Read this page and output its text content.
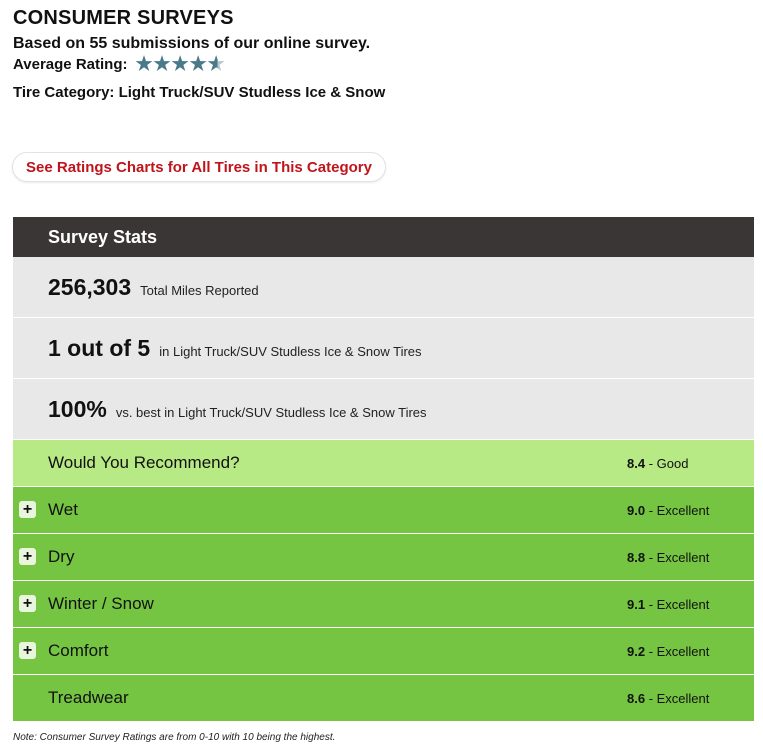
CONSUMER SURVEYS
Based on 55 submissions of our online survey.
Average Rating: ★ ★ ★ ★ ★
Tire Category: Light Truck/SUV Studless Ice & Snow
See Ratings Charts for All Tires in This Category
Survey Stats
256,303 Total Miles Reported
1 out of 5 in Light Truck/SUV Studless Ice & Snow Tires
100% vs. best in Light Truck/SUV Studless Ice & Snow Tires
Would You Recommend?	8.4 - Good
+ Wet	9.0 - Excellent
+ Dry	8.8 - Excellent
+ Winter / Snow	9.1 - Excellent
+ Comfort	9.2 - Excellent
Treadwear	8.6 - Excellent
Note: Consumer Survey Ratings are from 0-10 with 10 being the highest.
